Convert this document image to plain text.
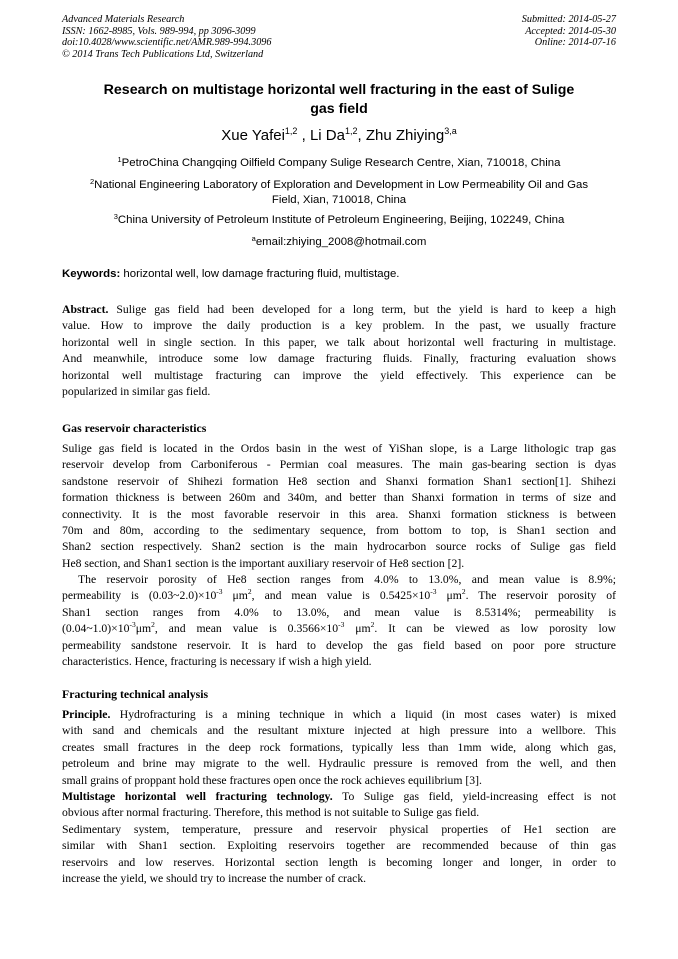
Advanced Materials Research
ISSN: 1662-8985, Vols. 989-994, pp 3096-3099
doi:10.4028/www.scientific.net/AMR.989-994.3096
© 2014 Trans Tech Publications Ltd, Switzerland
Submitted: 2014-05-27
Accepted: 2014-05-30
Online: 2014-07-16
Research on multistage horizontal well fracturing in the east of Sulige
gas field
Xue Yafei$^{1,2}$ , Li Da$^{1,2}$, Zhu Zhiying$^{3,a}$
$^1$PetroChina Changqing Oilfield Company Sulige Research Centre, Xian, 710018, China
$^2$National Engineering Laboratory of Exploration and Development in Low Permeability Oil and Gas
Field, Xian, 710018, China
$^3$China University of Petroleum Institute of Petroleum Engineering, Beijing, 102249, China
$^a$email:zhiying_2008@hotmail.com
Keywords: horizontal well, low damage fracturing fluid, multistage.
Abstract. Sulige gas field had been developed for a long term, but the yield is hard to keep a high
value. How to improve the daily production is a key problem. In the past, we usually fracture
horizontal well in single section. In this paper, we talk about horizontal well fracturing in multistage.
And meanwhile, introduce some low damage fracturing fluids. Finally, fracturing evaluation shows
horizontal well multistage fracturing can improve the yield effectively. This experience can be
popularized in similar gas field.
Gas reservoir characteristics
Sulige gas field is located in the Ordos basin in the west of YiShan slope, is a Large lithologic trap gas
reservoir develop from Carboniferous - Permian coal measures. The main gas-bearing section is dyas
sandstone reservoir of Shihezi formation He8 section and Shanxi formation Shan1 section[1]. Shihezi
formation thickness is between 260m and 340m, and better than Shanxi formation in terms of size and
connectivity. It is the most favorable reservoir in this area. Shanxi formation stickness is between
70m and 80m, according to the sedimentary sequence, from bottom to top, is Shan1 section and
Shan2 section respectively. Shan2 section is the main hydrocarbon source rocks of Sulige gas field
He8 section, and Shan1 section is the important auxiliary reservoir of He8 section [2].
The reservoir porosity of He8 section ranges from 4.0% to 13.0%, and mean value is 8.9%;
permeability is $(0.03\sim 2.0)\times 10^{-3}$ $\mu m^2$, and mean value is $0.5425\times 10^{-3}$ $\mu m^2$. The reservoir porosity of
Shan1 section ranges from 4.0% to 13.0%, and mean value is 8.5314%; permeability is
$(0.04\sim 1.0)\times 10^{-3}\mu m^2$, and mean value is $0.3566\times 10^{-3}$ $\mu m^2$. It can be viewed as low porosity low
permeability sandstone reservoir. It is hard to develop the gas field based on poor pore structure
characteristics. Hence, fracturing is necessary if wish a high yield.
Fracturing technical analysis
Principle. Hydrofracturing is a mining technique in which a liquid (in most cases water) is mixed
with sand and chemicals and the resultant mixture injected at high pressure into a wellbore. This
creates small fractures in the deep rock formations, typically less than 1mm wide, along which gas,
petroleum and brine may migrate to the well. Hydraulic pressure is removed from the well, and then
small grains of proppant hold these fractures open once the rock achieves equilibrium [3].
Multistage horizontal well fracturing technology. To Sulige gas field, yield-increasing effect is not
obvious after normal fracturing. Therefore, this method is not suitable to Sulige gas field.
Sedimentary system, temperature, pressure and reservoir physical properties of He1 section are
similar with Shan1 section. Exploiting reservoirs together are recommended because of thin gas
reservoirs and low reserves. Horizontal section length is becoming longer and longer, in order to
increase the yield, we should try to increase the number of crack.
